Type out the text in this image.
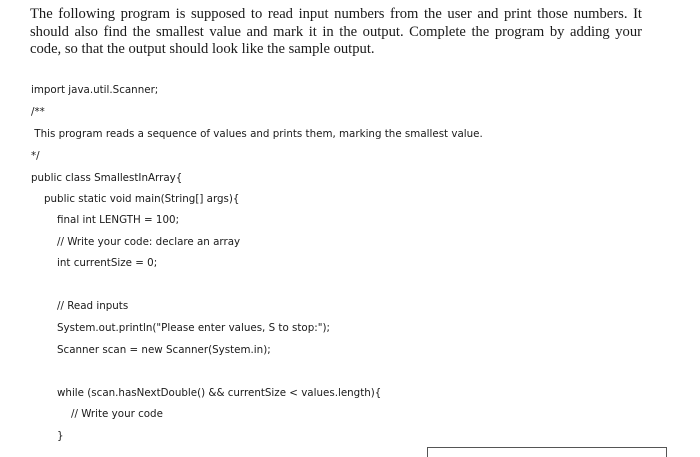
The following program is supposed to read input numbers from the user and print those numbers. It should also find the smallest value and mark it in the output. Complete the program by adding your code, so that the output should look like the sample output.

import java.util.Scanner;
/**
This program reads a sequence of values and prints them, marking the smallest value.
*/
public class SmallestInArray{
public static void main(String[] args){
final int LENGTH = 100;
// Write your code: declare an array
int currentSize = 0;
// Read inputs
System.out.println("Please enter values, S to stop:");
Scanner scan = new Scanner(System.in);
while (scan.hasNextDouble() && currentSize < values.length){
// Write your code
}
